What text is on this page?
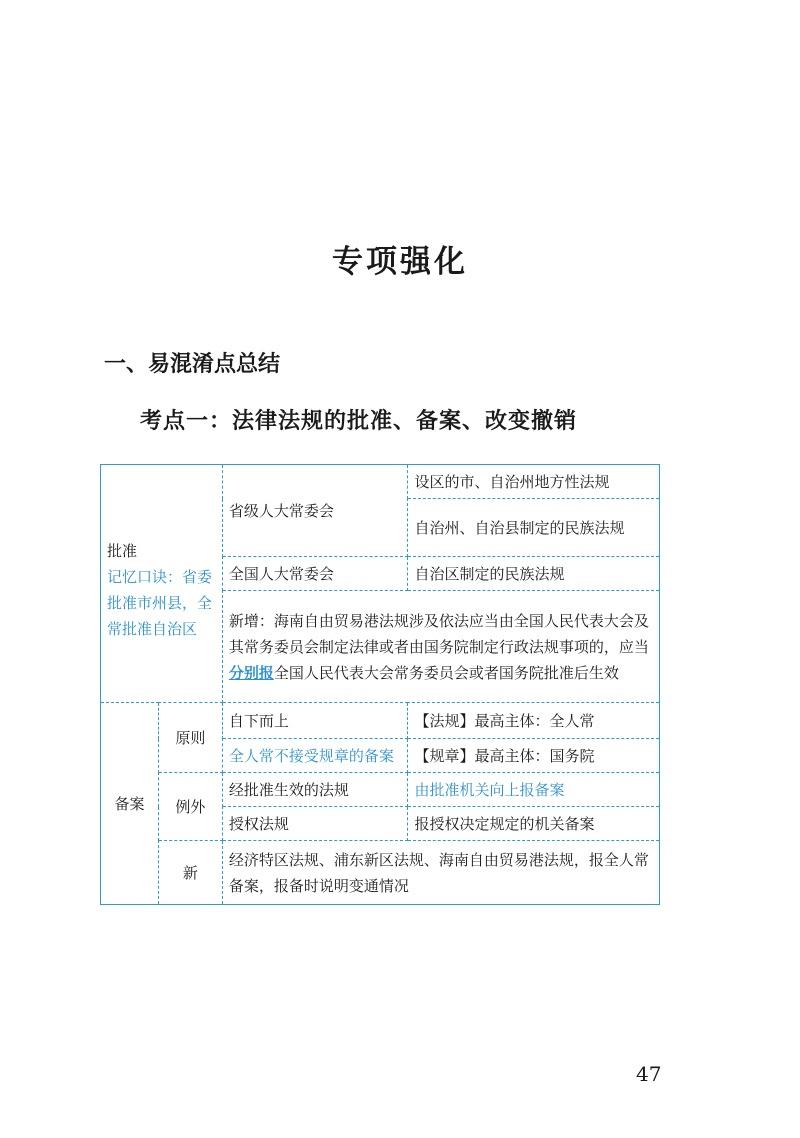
专项强化
一、易混淆点总结
考点一：法律法规的批准、备案、改变撤销
批准
记忆口诀：省委批准市州县，全常批准自治区		省级人大常委会	设区的市、自治州地方性法规
			自治州、自治县制定的民族法规
		全国人大常委会	自治区制定的民族法规
		新增：海南自由贸易港法规涉及依法应当由全国人民代表大会及其常务委员会制定法律或者由国务院制定行政法规事项的，应当分别报全国人民代表大会常务委员会或者国务院批准后生效	
备案	原则	自下而上	【法规】最高主体：全人常
		全人常不接受规章的备案	【规章】最高主体：国务院
	例外	经批准生效的法规	由批准机关向上报备案
		授权法规	报授权决定规定的机关备案
	新	经济特区法规、浦东新区法规、海南自由贸易港法规，报全人常备案，报备时说明变通情况	
47
